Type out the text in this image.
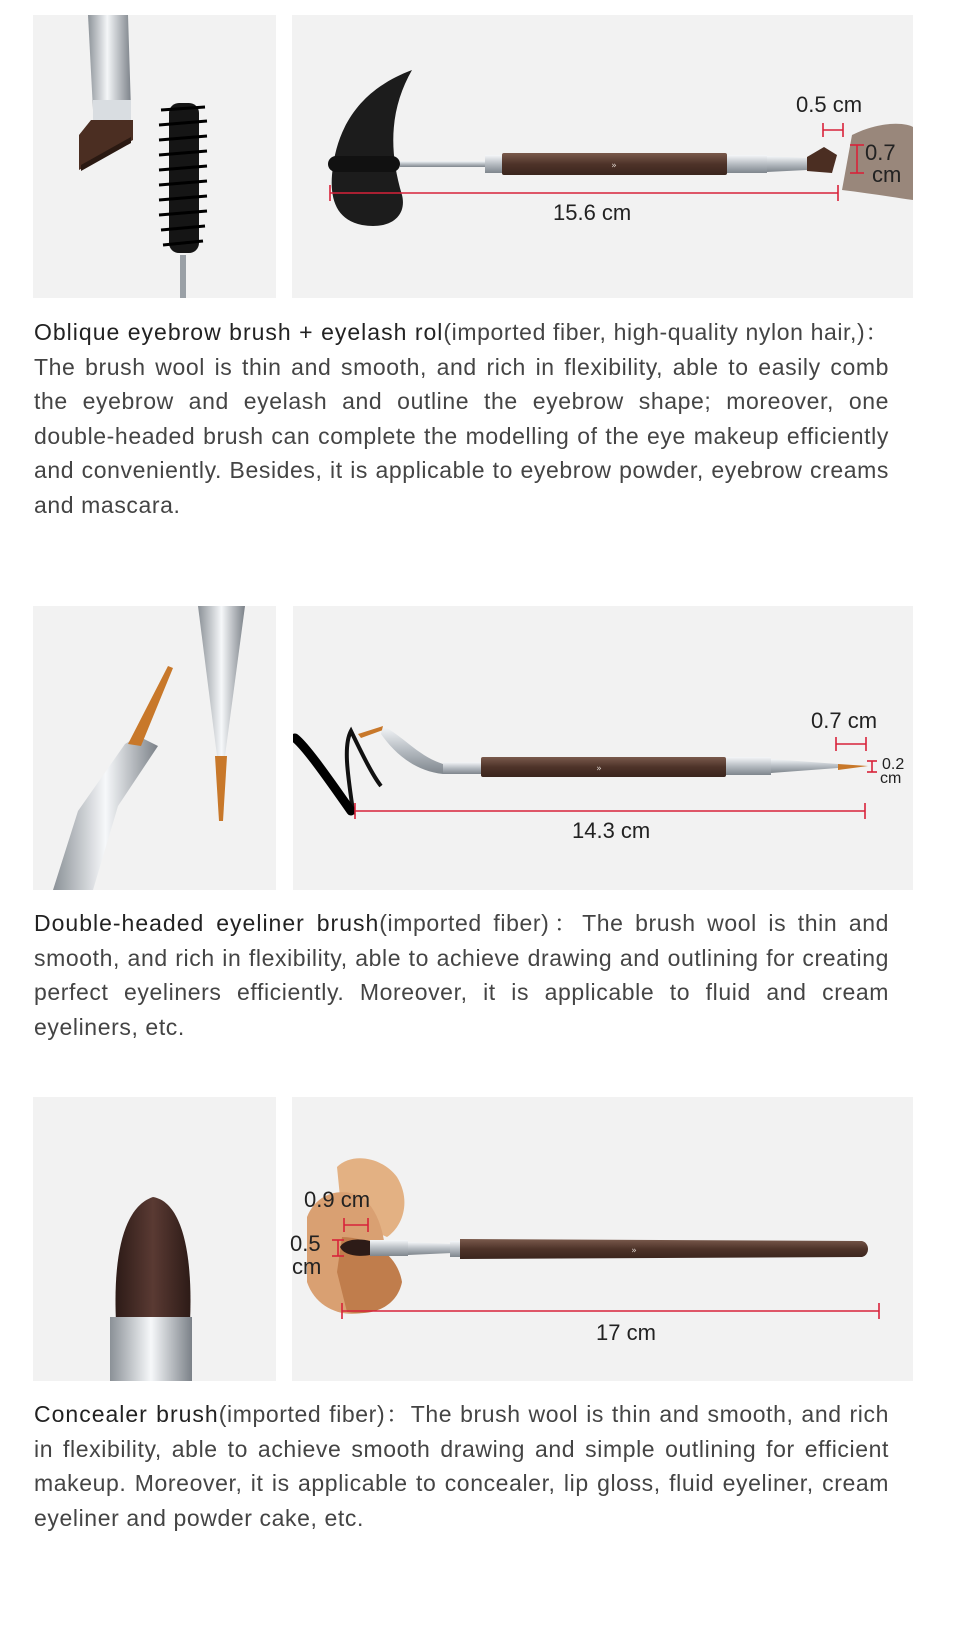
»
15.6 cm
0.5 cm
0.7
cm

Oblique eyebrow brush + eyelash rol(imported fiber, high-quality nylon hair,)：The brush wool is thin and smooth, and rich in flexibility, able to easily comb the eyebrow and eyelash and outline the eyebrow shape; moreover, one double-headed brush can complete the modelling of the eye makeup efficiently and conveniently. Besides, it is applicable to eyebrow powder, eyebrow creams and mascara.

»
14.3 cm
0.7 cm
0.2
cm

Double-headed eyeliner brush(imported fiber)：The brush wool is thin and smooth, and rich in flexibility, able to achieve drawing and outlining for creating perfect eyeliners efficiently. Moreover, it is applicable to fluid and cream eyeliners, etc.

»
17 cm
0.9 cm
0.5
cm

Concealer brush(imported fiber)：The brush wool is thin and smooth, and rich in flexibility, able to achieve smooth drawing and simple outlining for efficient makeup. Moreover, it is applicable to concealer, lip gloss, fluid eyeliner, cream eyeliner and powder cake, etc.
